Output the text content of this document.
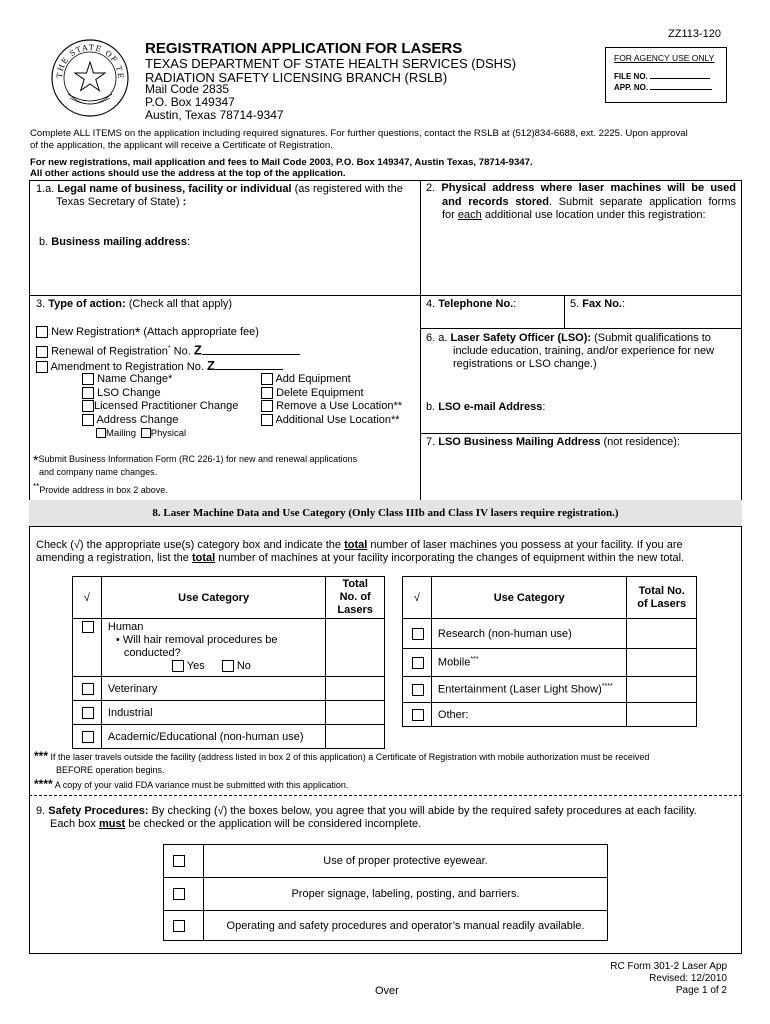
ZZ113-120
THE STATE OF TE
REGISTRATION APPLICATION FOR LASERS
TEXAS DEPARTMENT OF STATE HEALTH SERVICES (DSHS)
RADIATION SAFETY LICENSING BRANCH (RSLB)
Mail Code 2835
P.O. Box 149347
Austin, Texas 78714-9347
FOR AGENCY USE ONLY
FILE NO.
APP. NO.
Complete ALL ITEMS on the application including required signatures. For further questions, contact the RSLB at (512)834-6688, ext. 2225. Upon approval
of the application, the applicant will receive a Certificate of Registration.
For new registrations, mail application and fees to Mail Code 2003, P.O. Box 149347, Austin Texas, 78714-9347.
All other actions should use the address at the top of the application.
1.a. Legal name of business, facility or individual (as registered with the
Texas Secretary of State) :
b. Business mailing address:
2. Physical address where laser machines will be used
and records stored. Submit separate application forms
for each additional use location under this registration:
3. Type of action: (Check all that apply)
New Registration* (Attach appropriate fee)
Renewal of Registration* No. Z
Amendment to Registration No. Z
Name Change*
LSO Change
Licensed Practitioner Change
Address Change
Mailing Physical
Add Equipment
Delete Equipment
Remove a Use Location**
Additional Use Location**
*Submit Business Information Form (RC 226-1) for new and renewal applications
and company name changes.
**Provide address in box 2 above.
4. Telephone No.:	5. Fax No.:
6. a. Laser Safety Officer (LSO): (Submit qualifications to
include education, training, and/or experience for new
registrations or LSO change.)
b. LSO e-mail Address:
7. LSO Business Mailing Address (not residence):
8. Laser Machine Data and Use Category (Only Class IIIb and Class IV lasers require registration.)
Check (√) the appropriate use(s) category box and indicate the total number of laser machines you possess at your facility. If you are
amending a registration, list the total number of machines at your facility incorporating the changes of equipment within the new total.
√	Use Category	Total
No. of
Lasers

	Human
• Will hair removal procedures be
conducted?
Yes No	

	Veterinary	
	Industrial	
	Academic/Educational (non-human use)	
√	Use Category	Total No.
of Lasers

	Research (non-human use)	
	Mobile***	
	Entertainment (Laser Light Show)****	
	Other:	
*** If the laser travels outside the facility (address listed in box 2 of this application) a Certificate of Registration with mobile authorization must be received
BEFORE operation begins.
**** A copy of your valid FDA variance must be submitted with this application.
9. Safety Procedures: By checking (√) the boxes below, you agree that you will abide by the required safety procedures at each facility.
Each box must be checked or the application will be considered incomplete.
	Use of proper protective eyewear.
	Proper signage, labeling, posting, and barriers.
	Operating and safety procedures and operator’s manual readily available.
Over
RC Form 301-2 Laser App
Revised: 12/2010
Page 1 of 2
